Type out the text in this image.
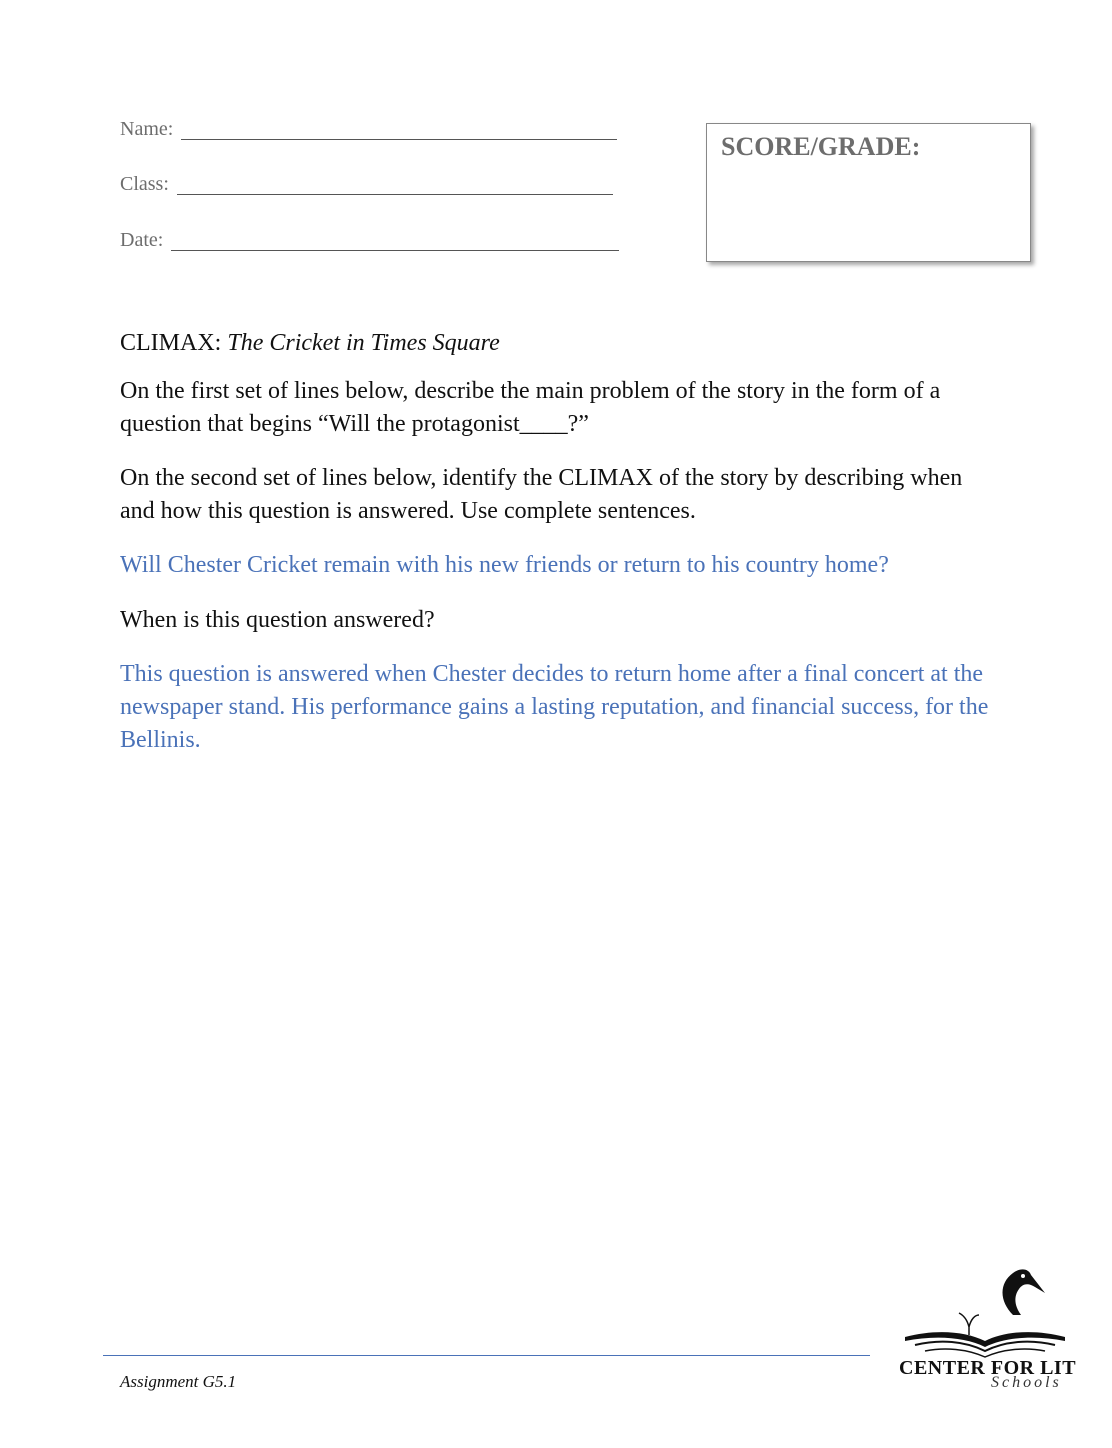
Name:
Class:
Date:
SCORE/GRADE:
CLIMAX: The Cricket in Times Square
On the first set of lines below, describe the main problem of the story in the form of a question that begins “Will the protagonist____?”
On the second set of lines below, identify the CLIMAX of the story by describing when and how this question is answered. Use complete sentences.
Will Chester Cricket remain with his new friends or return to his country home?
When is this question answered?
This question is answered when Chester decides to return home after a final concert at the newspaper stand. His performance gains a lasting reputation, and financial success, for the Bellinis.
Assignment G5.1
CENTER FOR LIT
Schools
